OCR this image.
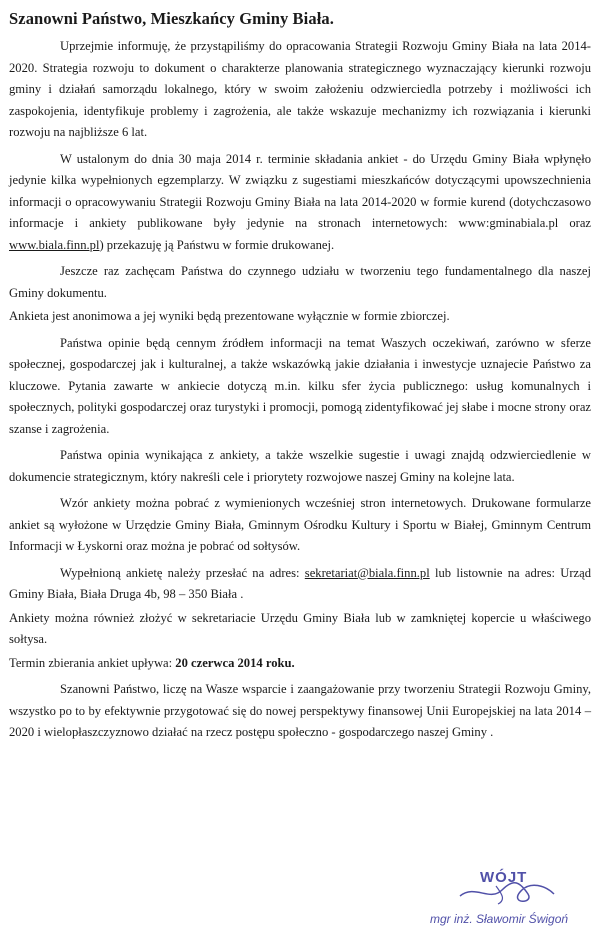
Szanowni Państwo, Mieszkańcy Gminy Biała.

Uprzejmie informuję, że przystąpiliśmy do opracowania Strategii Rozwoju Gminy Biała na lata 2014-2020. Strategia rozwoju to dokument o charakterze planowania strategicznego wyznaczający kierunki rozwoju gminy i działań samorządu lokalnego, który w swoim założeniu odzwierciedla potrzeby i możliwości ich zaspokojenia, identyfikuje problemy i zagrożenia, ale także wskazuje mechanizmy ich rozwiązania i kierunki rozwoju na najbliższe 6 lat.

W ustalonym do dnia 30 maja 2014 r. terminie składania ankiet - do Urzędu Gminy Biała wpłynęło jedynie kilka wypełnionych egzemplarzy. W związku z sugestiami mieszkańców dotyczącymi upowszechnienia informacji o opracowywaniu Strategii Rozwoju Gminy Biała na lata 2014-2020 w formie kurend (dotychczasowo informacje i ankiety publikowane były jedynie na stronach internetowych: www:gminabiala.pl oraz www.biala.finn.pl) przekazuję ją Państwu w formie drukowanej.

Jeszcze raz zachęcam Państwa do czynnego udziału w tworzeniu tego fundamentalnego dla naszej Gminy dokumentu.

Ankieta jest anonimowa a jej wyniki będą prezentowane wyłącznie w formie zbiorczej.

Państwa opinie będą cennym źródłem informacji na temat Waszych oczekiwań, zarówno w sferze społecznej, gospodarczej jak i kulturalnej, a także wskazówką jakie działania i inwestycje uznajecie Państwo za kluczowe. Pytania zawarte w ankiecie dotyczą m.in. kilku sfer życia publicznego: usług komunalnych i społecznych, polityki gospodarczej oraz turystyki i promocji, pomogą zidentyfikować jej słabe i mocne strony oraz szanse i zagrożenia.

Państwa opinia wynikająca z ankiety, a także wszelkie sugestie i uwagi znajdą odzwierciedlenie w dokumencie strategicznym, który nakreśli cele i priorytety rozwojowe naszej Gminy na kolejne lata.

Wzór ankiety można pobrać z wymienionych wcześniej stron internetowych. Drukowane formularze ankiet są wyłożone w Urzędzie Gminy Biała, Gminnym Ośrodku Kultury i Sportu w Białej, Gminnym Centrum Informacji w Łyskorni oraz można je pobrać od sołtysów.

Wypełnioną ankietę należy przesłać na adres: sekretariat@biala.finn.pl lub listownie na adres: Urząd Gminy Biała, Biała Druga 4b, 98 – 350 Biała .

Ankiety można również złożyć w sekretariacie Urzędu Gminy Biała lub w zamkniętej kopercie u właściwego sołtysa.

Termin zbierania ankiet upływa: 20 czerwca 2014 roku.

Szanowni Państwo, liczę na Wasze wsparcie i zaangażowanie przy tworzeniu Strategii Rozwoju Gminy, wszystko po to by efektywnie przygotować się do nowej perspektywy finansowej Unii Europejskiej na lata 2014 – 2020 i wielopłaszczyznowo działać na rzecz postępu społeczno - gospodarczego naszej Gminy .

WÓJT
mgr inż. Sławomir Świgoń
